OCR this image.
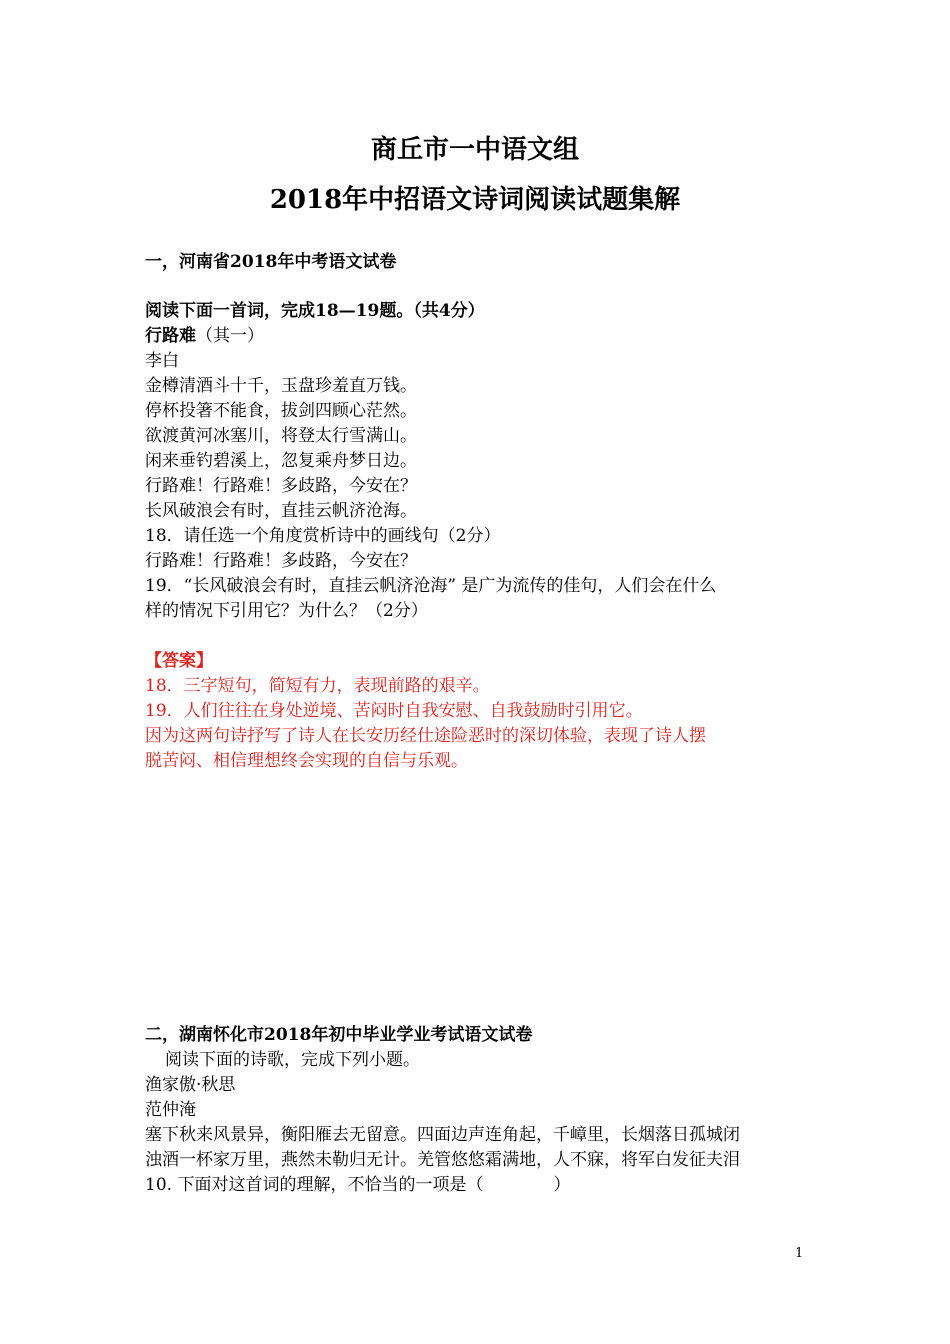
商丘市一中语文组
2018年中招语文诗词阅读试题集解
一，河南省2018年中考语文试卷
阅读下面一首词，完成18—19题。（共4分）
行路难（其一）
李白
金樽清酒斗十千，玉盘珍羞直万钱。
停杯投箸不能食，拔剑四顾心茫然。
欲渡黄河冰塞川，将登太行雪满山。
闲来垂钓碧溪上，忽复乘舟梦日边。
行路难！行路难！多歧路，今安在？
长风破浪会有时，直挂云帆济沧海。
18．请任选一个角度赏析诗中的画线句（2分）
行路难！行路难！多歧路，今安在？
19．“长风破浪会有时，直挂云帆济沧海” 是广为流传的佳句，人们会在什么
样的情况下引用它？为什么？（2分）
【答案】
18．三字短句，简短有力，表现前路的艰辛。
19．人们往往在身处逆境、苦闷时自我安慰、自我鼓励时引用它。
因为这两句诗抒写了诗人在长安历经仕途险恶时的深切体验，表现了诗人摆
脱苦闷、相信理想终会实现的自信与乐观。
二，湖南怀化市2018年初中毕业学业考试语文试卷
阅读下面的诗歌，完成下列小题。
渔家傲·秋思
范仲淹
塞下秋来风景异，衡阳雁去无留意。四面边声连角起，千嶂里，长烟落日孤城闭
浊酒一杯家万里，燕然未勒归无计。羌管悠悠霜满地，人不寐，将军白发征夫泪
10. 下面对这首词的理解，不恰当的一项是（	）
1
